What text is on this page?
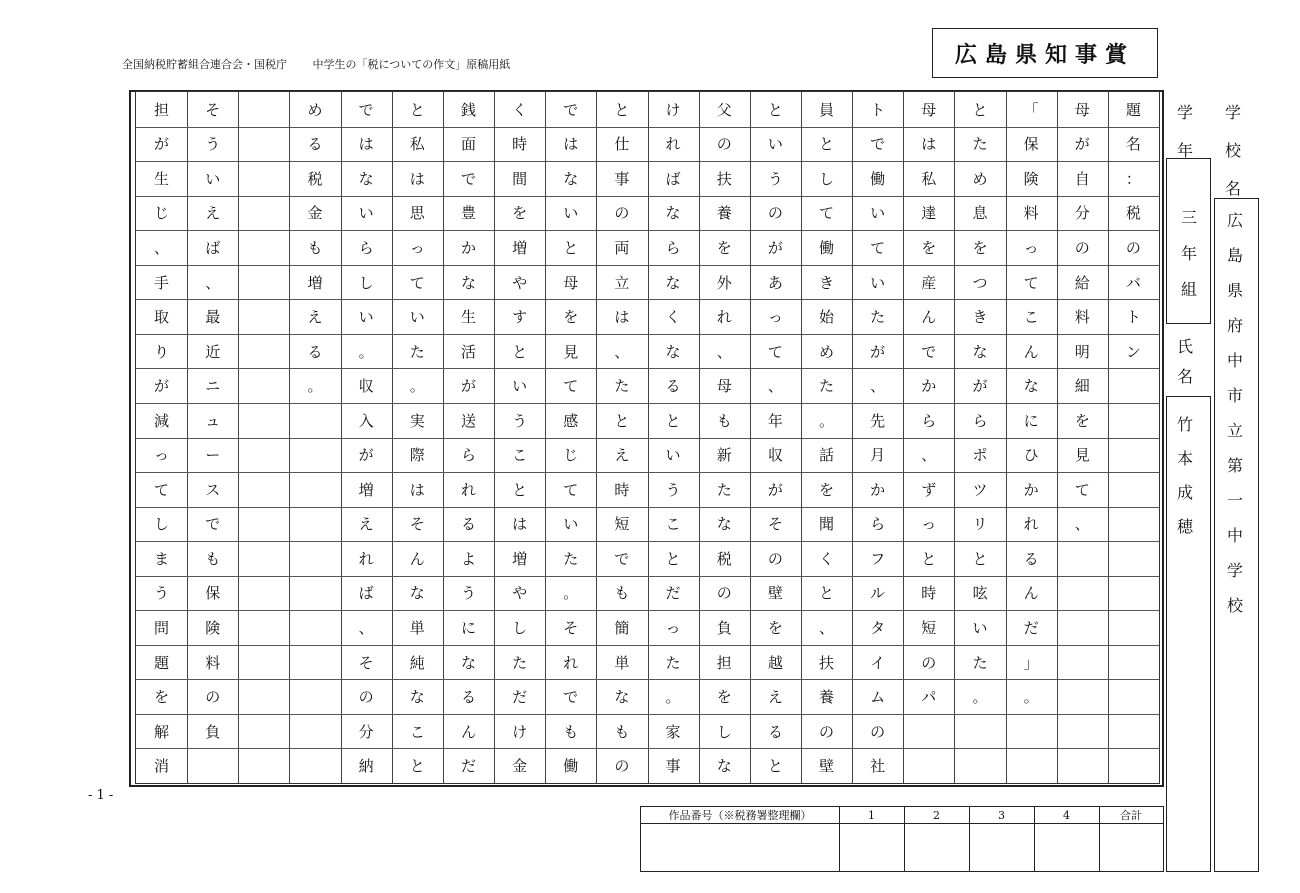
全国納税貯蓄組合連合会・国税庁 中学生の「税についての作文」原稿用紙	広島県知事賞
題
名
：
税
の
バ
ト
ン
母
が
自
分
の
給
料
明
細
を
見
て
、
「
保
険
料
っ
て
こ
ん
な
に
ひ
か
れ
る
ん
だ
」
。
と
た
め
息
を
つ
き
な
が
ら
ポ
ツ
リ
と
呟
い
た
。
母
は
私
達
を
産
ん
で
か
ら
、
ず
っ
と
時
短
の
パ
ト
で
働
い
て
い
た
が
、
先
月
か
ら
フ
ル
タ
イ
ム
の
社
員
と
し
て
働
き
始
め
た
。
話
を
聞
く
と
、
扶
養
の
壁
と
い
う
の
が
あ
っ
て
、
年
収
が
そ
の
壁
を
越
え
る
と
父
の
扶
養
を
外
れ
、
母
も
新
た
な
税
の
負
担
を
し
な
け
れ
ば
な
ら
な
く
な
る
と
い
う
こ
と
だ
っ
た
。
家
事
と
仕
事
の
両
立
は
、
た
と
え
時
短
で
も
簡
単
な
も
の
で
は
な
い
と
母
を
見
て
感
じ
て
い
た
。
そ
れ
で
も
働
く
時
間
を
増
や
す
と
い
う
こ
と
は
増
や
し
た
だ
け
金
銭
面
で
豊
か
な
生
活
が
送
ら
れ
る
よ
う
に
な
る
ん
だ
と
私
は
思
っ
て
い
た
。
実
際
は
そ
ん
な
単
純
な
こ
と
で
は
な
い
ら
し
い
。
収
入
が
増
え
れ
ば
、
そ
の
分
納
め
る
税
金
も
増
え
る
。
そ
う
い
え
ば
、
最
近
ニ
ュ
ー
ス
で
も
保
険
料
の
負
担
が
生
じ
、
手
取
り
が
減
っ
て
し
ま
う
問
題
を
解
消
- 1 -
学
年
三
年
組
氏
名
竹
本
成
穂
学
校
名
広
島
県
府
中
市
立
第
一
中
学
校
作品番号（※税務署整理欄）	1	2	3	4	合計
